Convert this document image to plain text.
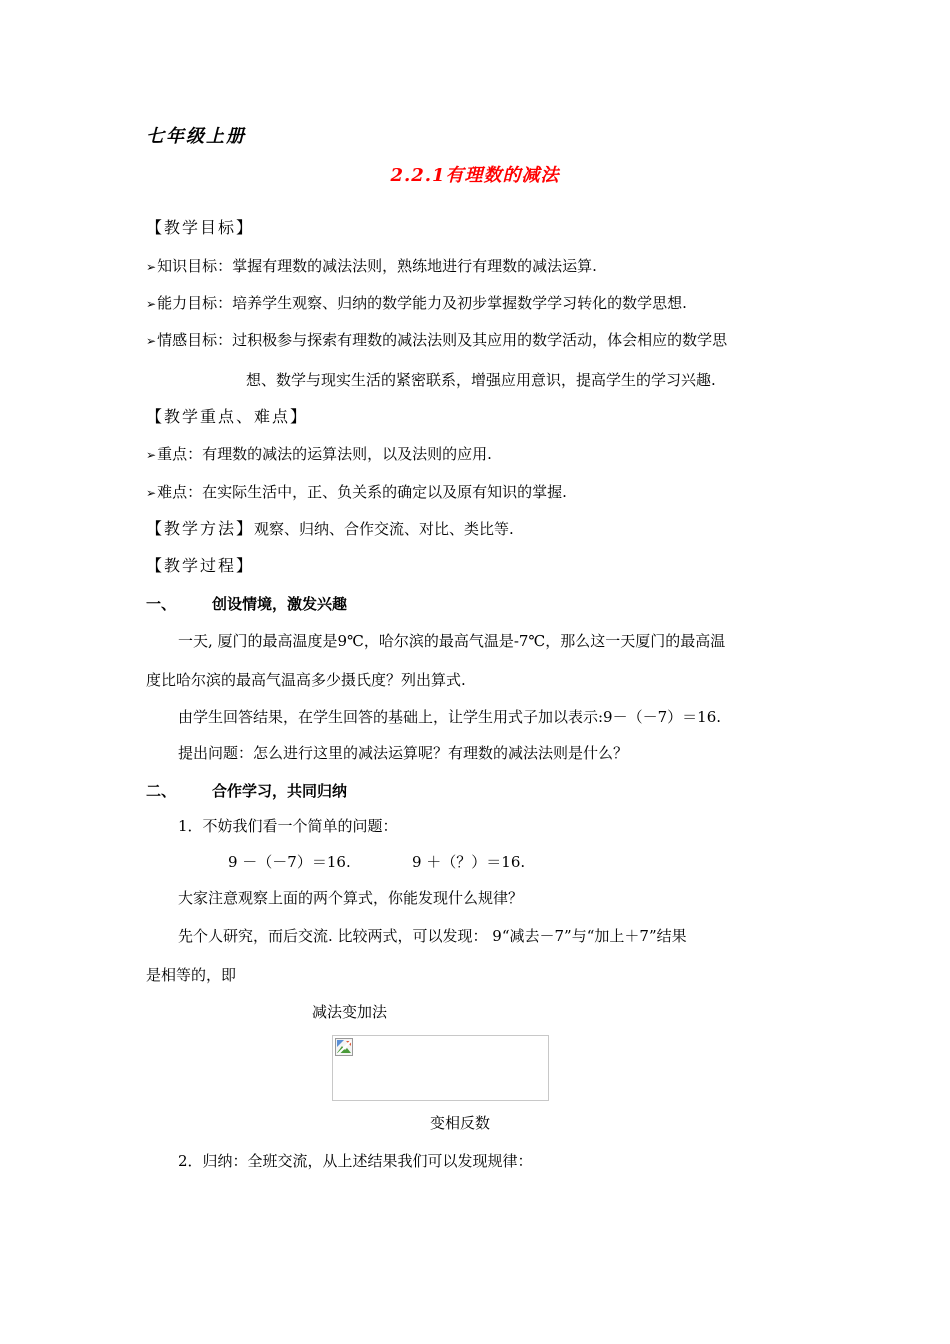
七年级上册
2.2.1有理数的减法
【教学目标】
➢知识目标：掌握有理数的减法法则，熟练地进行有理数的减法运算.
➢能力目标：培养学生观察、归纳的数学能力及初步掌握数学学习转化的数学思想.
➢情感目标：过积极参与探索有理数的减法法则及其应用的数学活动，体会相应的数学思
想、数学与现实生活的紧密联系，增强应用意识，提高学生的学习兴趣.
【教学重点、难点】
➢重点：有理数的减法的运算法则，以及法则的应用.
➢难点：在实际生活中，正、负关系的确定以及原有知识的掌握.
【教学方法】观察、归纳、合作交流、对比、类比等.
【教学过程】
一、 创设情境，激发兴趣
一天, 厦门的最高温度是9℃，哈尔滨的最高气温是-7℃，那么这一天厦门的最高温
度比哈尔滨的最高气温高多少摄氏度？列出算式.
由学生回答结果，在学生回答的基础上，让学生用式子加以表示:9－（－7）＝16.
提出问题：怎么进行这里的减法运算呢？有理数的减法法则是什么？
二、 合作学习，共同归纳
1．不妨我们看一个简单的问题：
9 －（－7）＝16.	9 ＋（？）＝16.
大家注意观察上面的两个算式，你能发现什么规律？
先个人研究，而后交流. 比较两式，可以发现： 9“减去－7”与“加上＋7”结果
是相等的，即
减法变加法
变相反数
2．归纳：全班交流，从上述结果我们可以发现规律：
